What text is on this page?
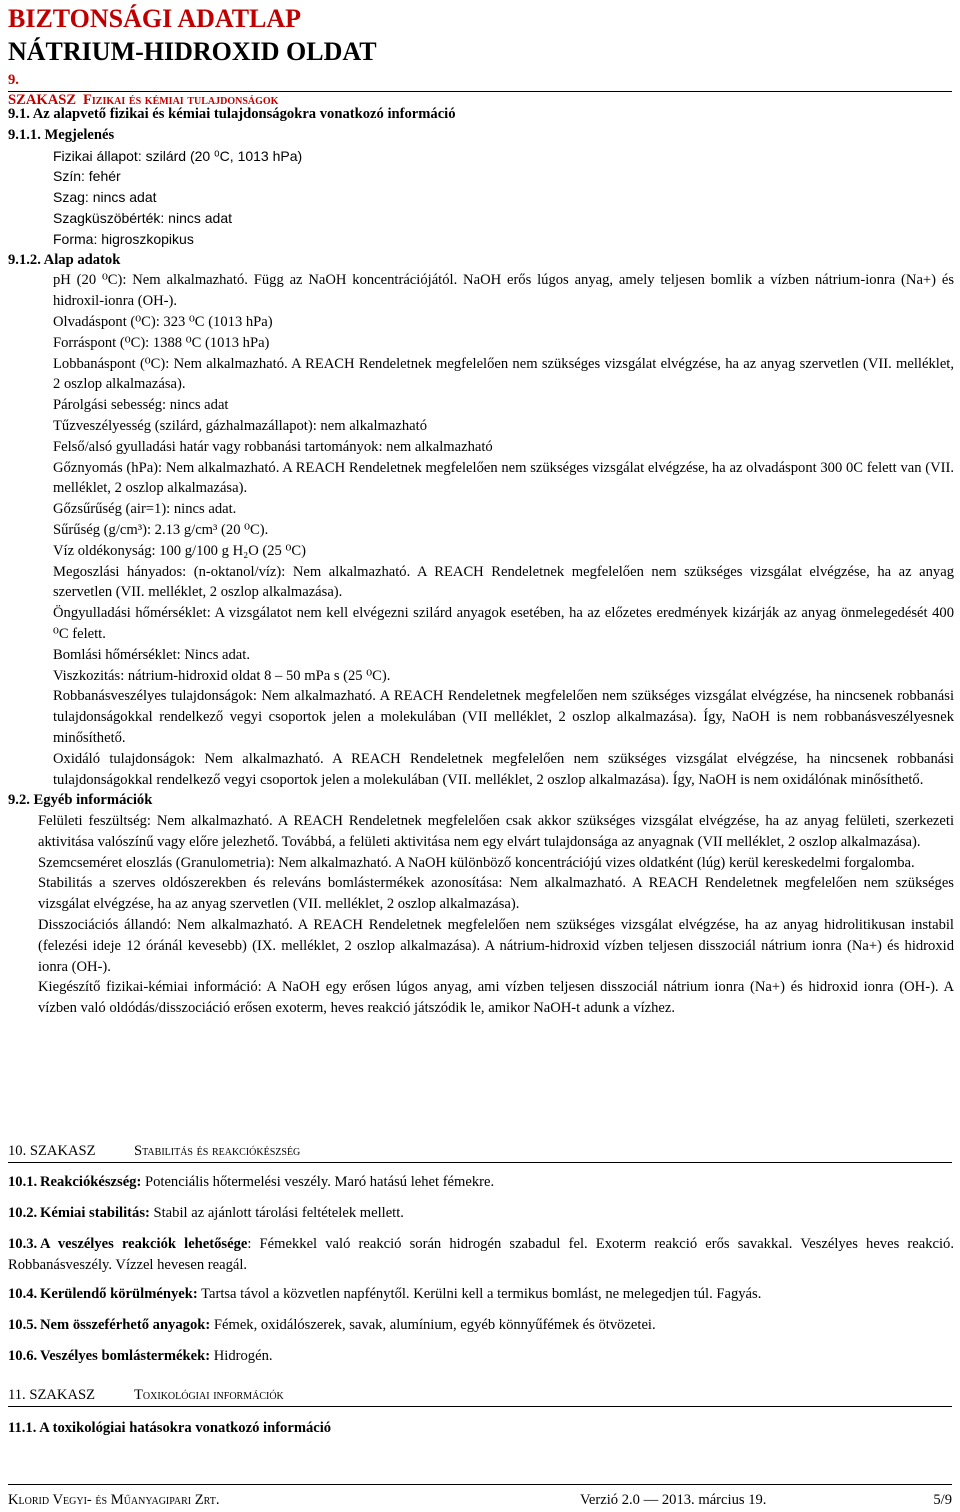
BIZTONSÁGI ADATLAP
NÁTRIUM-HIDROXID OLDAT
9. SZAKASZ Fizikai és kémiai tulajdonságok

9.1. Az alapvető fizikai és kémiai tulajdonságokra vonatkozó információ

9.1.1. Megjelenés

Fizikai állapot: szilárd (20 ⁰C, 1013 hPa)

Szín: fehér

Szag: nincs adat

Szagküszöbérték: nincs adat

Forma: higroszkopikus

9.1.2. Alap adatok

pH (20 ⁰C): Nem alkalmazható. Függ az NaOH koncentrációjától. NaOH erős lúgos anyag, amely teljesen bomlik a vízben nátrium-ionra (Na+) és hidroxil-ionra (OH-).

Olvadáspont (⁰C): 323 ⁰C (1013 hPa)

Forráspont (⁰C): 1388 ⁰C (1013 hPa)

Lobbanáspont (⁰C): Nem alkalmazható. A REACH Rendeletnek megfelelően nem szükséges vizsgálat elvégzése, ha az anyag szervetlen (VII. melléklet, 2 oszlop alkalmazása).

Párolgási sebesség: nincs adat

Tűzveszélyesség (szilárd, gázhalmazállapot): nem alkalmazható

Felső/alsó gyulladási határ vagy robbanási tartományok: nem alkalmazható

Gőznyomás (hPa): Nem alkalmazható. A REACH Rendeletnek megfelelően nem szükséges vizsgálat elvégzése, ha az olvadáspont 300 0C felett van (VII. melléklet, 2 oszlop alkalmazása).

Gőzsűrűség (air=1): nincs adat.

Sűrűség (g/cm³): 2.13 g/cm³ (20 ⁰C).

Víz oldékonyság: 100 g/100 g H₂O (25 ⁰C)

Megoszlási hányados: (n-oktanol/víz): Nem alkalmazható. A REACH Rendeletnek megfelelően nem szükséges vizsgálat elvégzése, ha az anyag szervetlen (VII. melléklet, 2 oszlop alkalmazása).

Öngyulladási hőmérséklet: A vizsgálatot nem kell elvégezni szilárd anyagok esetében, ha az előzetes eredmények kizárják az anyag önmelegedését 400 ⁰C felett.

Bomlási hőmérséklet: Nincs adat.

Viszkozitás: nátrium-hidroxid oldat 8 – 50 mPa s (25 ⁰C).

Robbanásveszélyes tulajdonságok: Nem alkalmazható. A REACH Rendeletnek megfelelően nem szükséges vizsgálat elvégzése, ha nincsenek robbanási tulajdonságokkal rendelkező vegyi csoportok jelen a molekulában (VII melléklet, 2 oszlop alkalmazása). Így, NaOH is nem robbanásveszélyesnek minősíthető.

Oxidáló tulajdonságok: Nem alkalmazható. A REACH Rendeletnek megfelelően nem szükséges vizsgálat elvégzése, ha nincsenek robbanási tulajdonságokkal rendelkező vegyi csoportok jelen a molekulában (VII. melléklet, 2 oszlop alkalmazása). Így, NaOH is nem oxidálónak minősíthető.

9.2. Egyéb információk

Felületi feszültség: Nem alkalmazható. A REACH Rendeletnek megfelelően csak akkor szükséges vizsgálat elvégzése, ha az anyag felületi, szerkezeti aktivitása valószínű vagy előre jelezhető. Továbbá, a felületi aktivitása nem egy elvárt tulajdonsága az anyagnak (VII melléklet, 2 oszlop alkalmazása).

Szemcseméret eloszlás (Granulometria): Nem alkalmazható. A NaOH különböző koncentrációjú vizes oldatként (lúg) kerül kereskedelmi forgalomba.

Stabilitás a szerves oldószerekben és releváns bomlástermékek azonosítása: Nem alkalmazható. A REACH Rendeletnek megfelelően nem szükséges vizsgálat elvégzése, ha az anyag szervetlen (VII. melléklet, 2 oszlop alkalmazása).

Disszociációs állandó: Nem alkalmazható. A REACH Rendeletnek megfelelően nem szükséges vizsgálat elvégzése, ha az anyag hidrolitikusan instabil (felezési ideje 12 óránál kevesebb) (IX. melléklet, 2 oszlop alkalmazása). A nátrium-hidroxid vízben teljesen disszociál nátrium ionra (Na+) és hidroxid ionra (OH-).

Kiegészítő fizikai-kémiai információ: A NaOH egy erősen lúgos anyag, ami vízben teljesen disszociál nátrium ionra (Na+) és hidroxid ionra (OH-). A vízben való oldódás/disszociáció erősen exoterm, heves reakció játszódik le, amikor NaOH-t adunk a vízhez.

10. SZAKASZ	Stabilitás és reakciókészség
10.1. Reakciókészség: Potenciális hőtermelési veszély. Maró hatású lehet fémekre.
10.2. Kémiai stabilitás: Stabil az ajánlott tárolási feltételek mellett.
10.3. A veszélyes reakciók lehetősége: Fémekkel való reakció során hidrogén szabadul fel. Exoterm reakció erős savakkal. Veszélyes heves reakció. Robbanásveszély. Vízzel hevesen reagál.
10.4. Kerülendő körülmények: Tartsa távol a közvetlen napfénytől. Kerülni kell a termikus bomlást, ne melegedjen túl. Fagyás.
10.5. Nem összeférhető anyagok: Fémek, oxidálószerek, savak, alumínium, egyéb könnyűfémek és ötvözetei.
10.6. Veszélyes bomlástermékek: Hidrogén.
11. SZAKASZ	Toxikológiai információk
11.1. A toxikológiai hatásokra vonatkozó információ
Klorid Vegyi- és Műanyagipari Zrt.	Verzió 2.0 — 2013. március 19.	5/9
